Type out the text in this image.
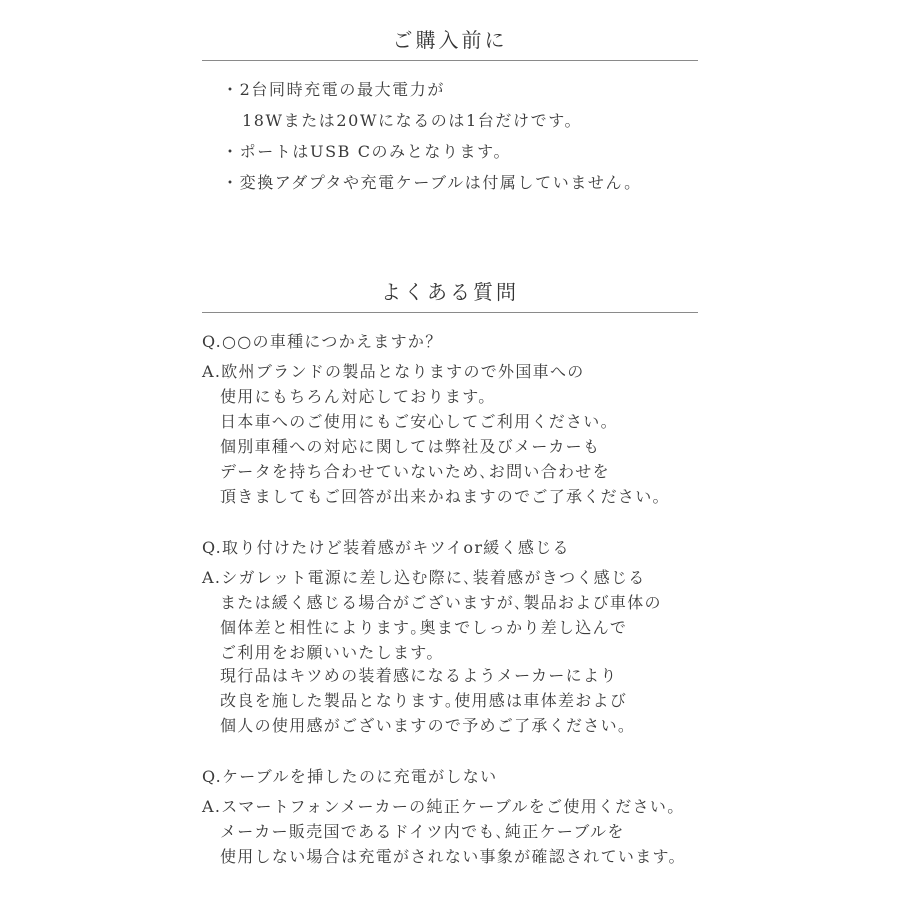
ご購入前に
・2台同時充電の最大電力が
18Wまたは20Wになるのは1台だけです。
・ポートはUSB Cのみとなります。
・変換アダプタや充電ケーブルは付属していません。
よくある質問
Q.○○の車種につかえますか？
A.欧州ブランドの製品となりますので外国車への
使用にもちろん対応しております。
日本車へのご使用にもご安心してご利用ください。
個別車種への対応に関しては弊社及びメーカーも
データを持ち合わせていないため､お問い合わせを
頂きましてもご回答が出来かねますのでご了承ください。
Q.取り付けたけど装着感がキツイor緩く感じる
A.シガレット電源に差し込む際に､装着感がきつく感じる
または緩く感じる場合がございますが､製品および車体の
個体差と相性によります｡奥までしっかり差し込んで
ご利用をお願いいたします。
現行品はキツめの装着感になるようメーカーにより
改良を施した製品となります｡使用感は車体差および
個人の使用感がございますので予めご了承ください。
Q.ケーブルを挿したのに充電がしない
A.スマートフォンメーカーの純正ケーブルをご使用ください。
メーカー販売国であるドイツ内でも､純正ケーブルを
使用しない場合は充電がされない事象が確認されています。
